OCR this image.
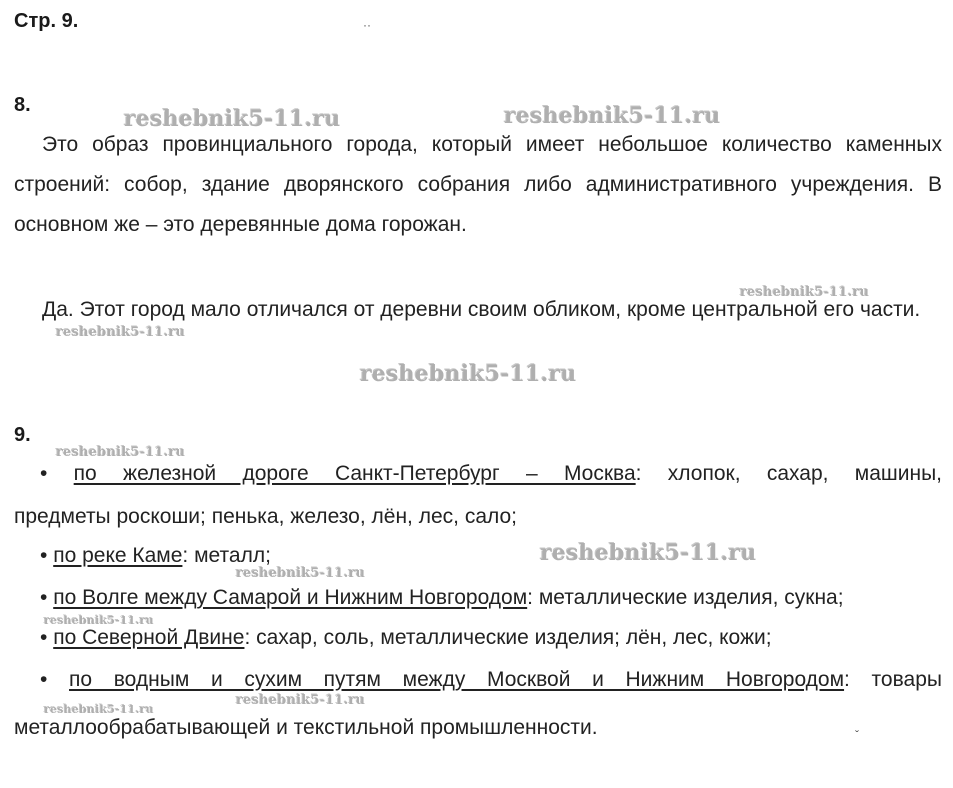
Стр. 9.	··
8.
Это образ провинциального города, который имеет небольшое количество каменных строений: собор, здание дворянского собрания либо административного учреждения. В основном же – это деревянные дома горожан.
Да. Этот город мало отличался от деревни своим обликом, кроме центральной его части.
9.
• по железной дороге Санкт-Петербург – Москва: хлопок, сахар, машины,
предметы роскоши; пенька, железо, лён, лес, сало;
• по реке Каме: металл;
• по Волге между Самарой и Нижним Новгородом: металлические изделия, сукна;
• по Северной Двине: сахар, соль, металлические изделия; лён, лес, кожи;
• по водным и сухим путям между Москвой и Нижним Новгородом: товары
металлообрабатывающей и текстильной промышленности.	ˇ
reshebnik5-11.ru	reshebnik5-11.ru
reshebnik5-11.ru
reshebnik5-11.ru
reshebnik5-11.ru
reshebnik5-11.ru
reshebnik5-11.ru
reshebnik5-11.ru
reshebnik5-11.ru
reshebnik5-11.ru
reshebnik5-11.ru
